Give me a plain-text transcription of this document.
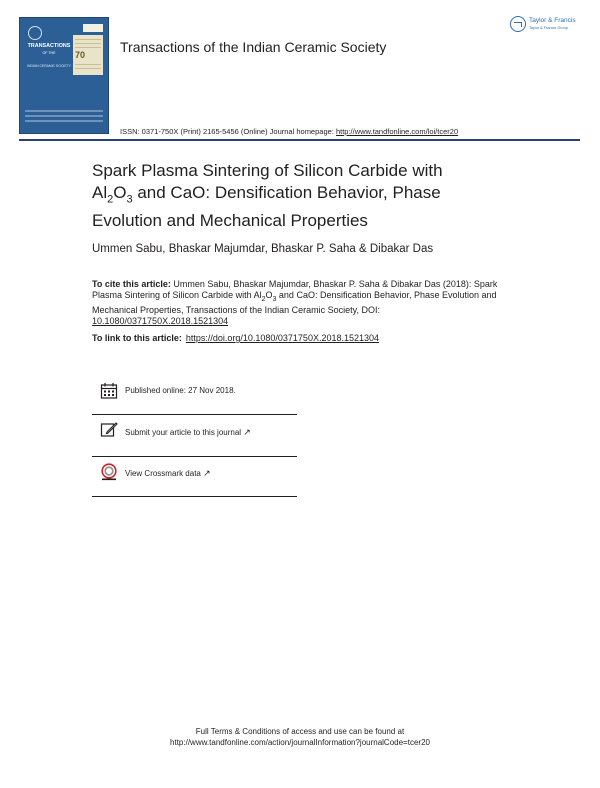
TRANSACTIONS
OF THE
INDIAN CERAMIC SOCIETY
70 Transactions of the Indian Ceramic Society
Taylor & Francis
Taylor & Francis Group
ISSN: 0371-750X (Print) 2165-5456 (Online) Journal homepage: http://www.tandfonline.com/loi/tcer20
Spark Plasma Sintering of Silicon Carbide with
$Al_2O_3$ and CaO: Densification Behavior, Phase
Evolution and Mechanical Properties
Ummen Sabu, Bhaskar Majumdar, Bhaskar P. Saha & Dibakar Das
To cite this article: Ummen Sabu, Bhaskar Majumdar, Bhaskar P. Saha & Dibakar Das (2018): Spark Plasma Sintering of Silicon Carbide with $Al_2O_3$ and CaO: Densification Behavior, Phase Evolution and Mechanical Properties, Transactions of the Indian Ceramic Society, DOI: 10.1080/0371750X.2018.1521304
To link to this article: https://doi.org/10.1080/0371750X.2018.1521304
Published online: 27 Nov 2018.
Submit your article to this journal ↗
View Crossmark data ↗
Full Terms & Conditions of access and use can be found at
http://www.tandfonline.com/action/journalInformation?journalCode=tcer20
